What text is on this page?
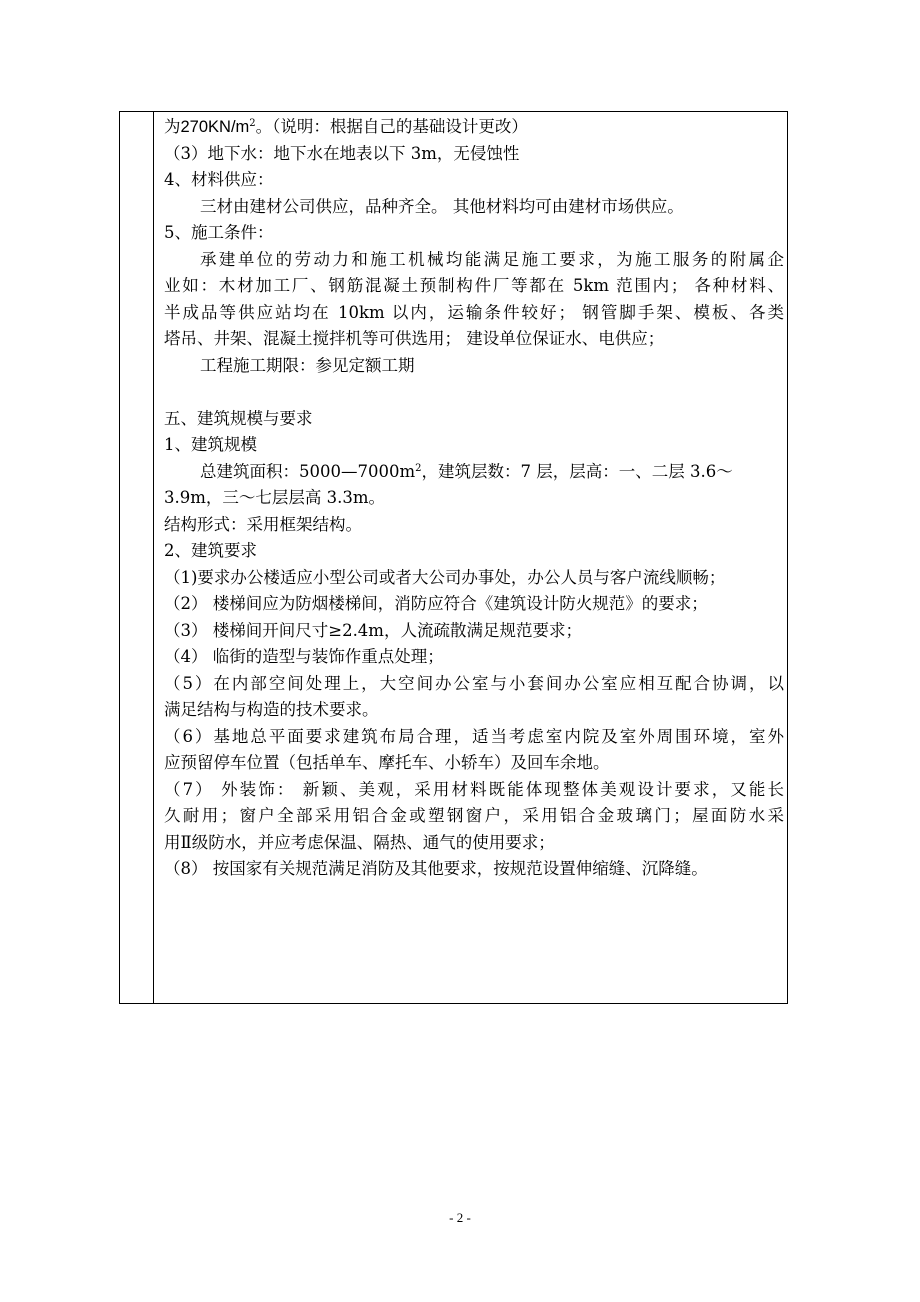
为$270KN/m^2$。（说明：根据自己的基础设计更改）
（3）地下水：地下水在地表以下 3m，无侵蚀性
4、材料供应：
三材由建材公司供应，品种齐全。 其他材料均可由建材市场供应。
5、施工条件：
承建单位的劳动力和施工机械均能满足施工要求，为施工服务的附属企
业如：木材加工厂、钢筋混凝土预制构件厂等都在 5km 范围内； 各种材料、
半成品等供应站均在 10km 以内，运输条件较好； 钢管脚手架、模板、各类
塔吊、井架、混凝土搅拌机等可供选用； 建设单位保证水、电供应；
工程施工期限：参见定额工期
五、建筑规模与要求
1、建筑规模
总建筑面积：$5000—7000m^2$，建筑层数：7 层，层高：一、二层 3.6～
3.9m，三～七层层高 3.3m。
结构形式：采用框架结构。
2、建筑要求
（1)要求办公楼适应小型公司或者大公司办事处，办公人员与客户流线顺畅；
（2） 楼梯间应为防烟楼梯间，消防应符合《建筑设计防火规范》的要求；
（3） 楼梯间开间尺寸≥2.4m，人流疏散满足规范要求；
（4） 临街的造型与装饰作重点处理；
（5）在内部空间处理上，大空间办公室与小套间办公室应相互配合协调，以
满足结构与构造的技术要求。
（6）基地总平面要求建筑布局合理，适当考虑室内院及室外周围环境，室外
应预留停车位置（包括单车、摩托车、小轿车）及回车余地。
（7） 外装饰： 新颖、美观，采用材料既能体现整体美观设计要求，又能长
久耐用；窗户全部采用铝合金或塑钢窗户，采用铝合金玻璃门；屋面防水采
用Ⅱ级防水，并应考虑保温、隔热、通气的使用要求；
（8） 按国家有关规范满足消防及其他要求，按规范设置伸缩缝、沉降缝。
- 2 -
